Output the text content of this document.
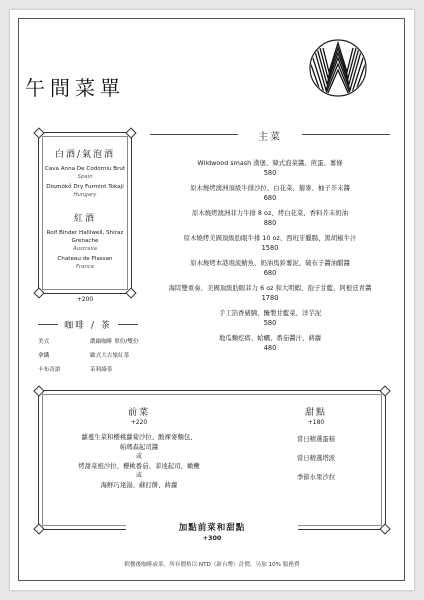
午間菜單
白酒/氣泡酒
Cava Anna De Codorniu Brut
Spain
Disznókő Dry Furmint Tokaji
Hungary
紅酒
Rolf Binder Halliwell, Shiraz Grenache
Australia
Chateau de Plassan
France
+200
主菜
Wildwood smash 漢堡、韓式泡菜醬、煎蛋、薯條
580
原木燒烤澳洲頂級牛排沙拉、白花菜、藜麥、柚子芥末醬
680
原木燒烤澳洲菲力牛排 8 oz、烤白花菜、香料芥末奶油
880
原木燒烤美國頂級肋眼牛排 10 oz、西班牙臘腸、黑胡椒牛汁
1580
原木燒烤本港現流鯖魚、奶油馬鈴薯泥、破布子醬油醋醬
680
海陸雙重奏、美國頂級肋眼菲力 6 oz 和大明蝦、孢子甘藍、阿根廷青醬
1780
手工箔香豬腩、醃製甘藍菜、洋芋泥
580
地瓜麵疙瘩、蛤蠣、番茄醬汁、蒔蘿
480
咖啡 / 茶
美式	濃縮咖啡 單份/雙份
拿鐵	歐式大吉嶺紅茶
卡布奇諾	茉莉綠茶
前菜
+220
蘿蔓生菜和櫻桃蘿蔔沙拉、酸裸麥麵包、
帕瑪森起司醬
或
烤甜菜根沙拉、櫻桃番茄、菲達起司、橄欖
或
海鮮巧達湯、蘇打餅、蒔蘿
甜點
+180
當日精選蛋糕
當日精選塔派
季節水果沙拉
加點前菜和甜點
+300
附餐後咖啡或茶。所有價格以 NTD（新台幣）計價，另加 10% 服務費
